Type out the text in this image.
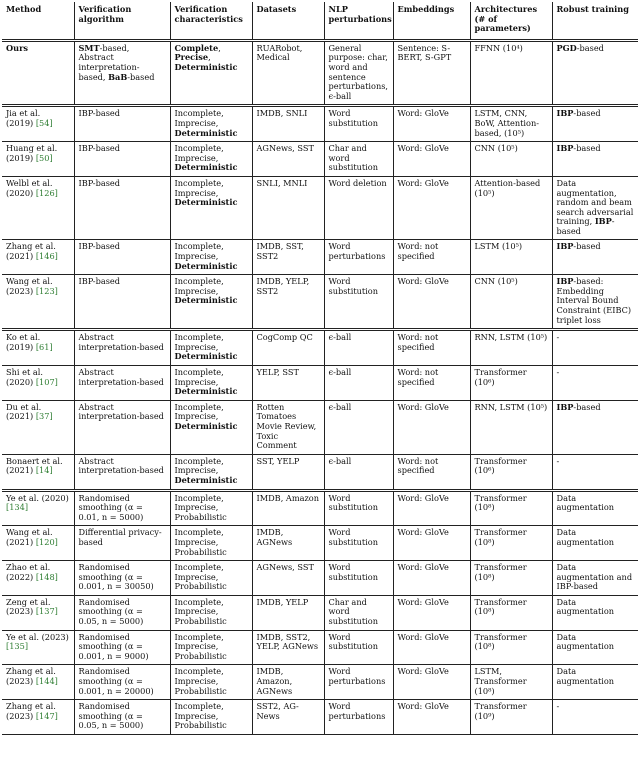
Method	Verification algorithm	Verification characteristics	Datasets	NLP perturbations	Embeddings	Architectures (# of parameters)	Robust training
Ours	SMT-based, Abstract interpretation-based, BaB-based	Complete, Precise, Deterministic	RUARobot, Medical	General purpose: char, word and sentence perturbations, ϵ-ball	Sentence: S-BERT, S-GPT	FFNN (10⁴)	PGD-based
Jia et al. (2019) [54]	IBP-based	Incomplete, Imprecise, Deterministic	IMDB, SNLI	Word substitution	Word: GloVe	LSTM, CNN, BoW, Attention-based, (10⁵)	IBP-based
Huang et al. (2019) [50]	IBP-based	Incomplete, Imprecise, Deterministic	AGNews, SST	Char and word substitution	Word: GloVe	CNN (10⁵)	IBP-based
Welbl et al. (2020) [126]	IBP-based	Incomplete, Imprecise, Deterministic	SNLI, MNLI	Word deletion	Word: GloVe	Attention-based (10⁵)	Data augmentation, random and beam search adversarial training, IBP-based
Zhang et al. (2021) [146]	IBP-based	Incomplete, Imprecise, Deterministic	IMDB, SST, SST2	Word perturbations	Word: not specified	LSTM (10⁵)	IBP-based
Wang et al. (2023) [123]	IBP-based	Incomplete, Imprecise, Deterministic	IMDB, YELP, SST2	Word substitution	Word: GloVe	CNN (10⁵)	IBP-based: Embedding Interval Bound Constraint (EIBC) triplet loss
Ko et al. (2019) [61]	Abstract interpretation-based	Incomplete, Imprecise, Deterministic	CogComp QC	ϵ-ball	Word: not specified	RNN, LSTM (10⁵)	-
Shi et al. (2020) [107]	Abstract interpretation-based	Incomplete, Imprecise, Deterministic	YELP, SST	ϵ-ball	Word: not specified	Transformer (10⁶)	-
Du et al. (2021) [37]	Abstract interpretation-based	Incomplete, Imprecise, Deterministic	Rotten Tomatoes Movie Review, Toxic Comment	ϵ-ball	Word: GloVe	RNN, LSTM (10⁵)	IBP-based
Bonaert et al. (2021) [14]	Abstract interpretation-based	Incomplete, Imprecise, Deterministic	SST, YELP	ϵ-ball	Word: not specified	Transformer (10⁶)	-
Ye et al. (2020) [134]	Randomised smoothing (α = 0.01, n = 5000)	Incomplete, Imprecise, Probabilistic	IMDB, Amazon	Word substitution	Word: GloVe	Transformer (10⁸)	Data augmentation
Wang et al. (2021) [120]	Differential privacy-based	Incomplete, Imprecise, Probabilistic	IMDB, AGNews	Word substitution	Word: GloVe	Transformer (10⁸)	Data augmentation
Zhao et al. (2022) [148]	Randomised smoothing (α = 0.001, n = 30050)	Incomplete, Imprecise, Probabilistic	AGNews, SST	Word substitution	Word: GloVe	Transformer (10⁸)	Data augmentation and IBP-based
Zeng et al. (2023) [137]	Randomised smoothing (α = 0.05, n = 5000)	Incomplete, Imprecise, Probabilistic	IMDB, YELP	Char and word substitution	Word: GloVe	Transformer (10⁸)	Data augmentation
Ye et al. (2023) [135]	Randomised smoothing (α = 0.001, n = 9000)	Incomplete, Imprecise, Probabilistic	IMDB, SST2, YELP, AGNews	Word substitution	Word: GloVe	Transformer (10⁸)	Data augmentation
Zhang et al. (2023) [144]	Randomised smoothing (α = 0.001, n = 20000)	Incomplete, Imprecise, Probabilistic	IMDB, Amazon, AGNews	Word perturbations	Word: GloVe	LSTM, Transformer (10⁸)	Data augmentation
Zhang et al. (2023) [147]	Randomised smoothing (α = 0.05, n = 5000)	Incomplete, Imprecise, Probabilistic	SST2, AG-News	Word perturbations	Word: GloVe	Transformer (10⁹)	-
